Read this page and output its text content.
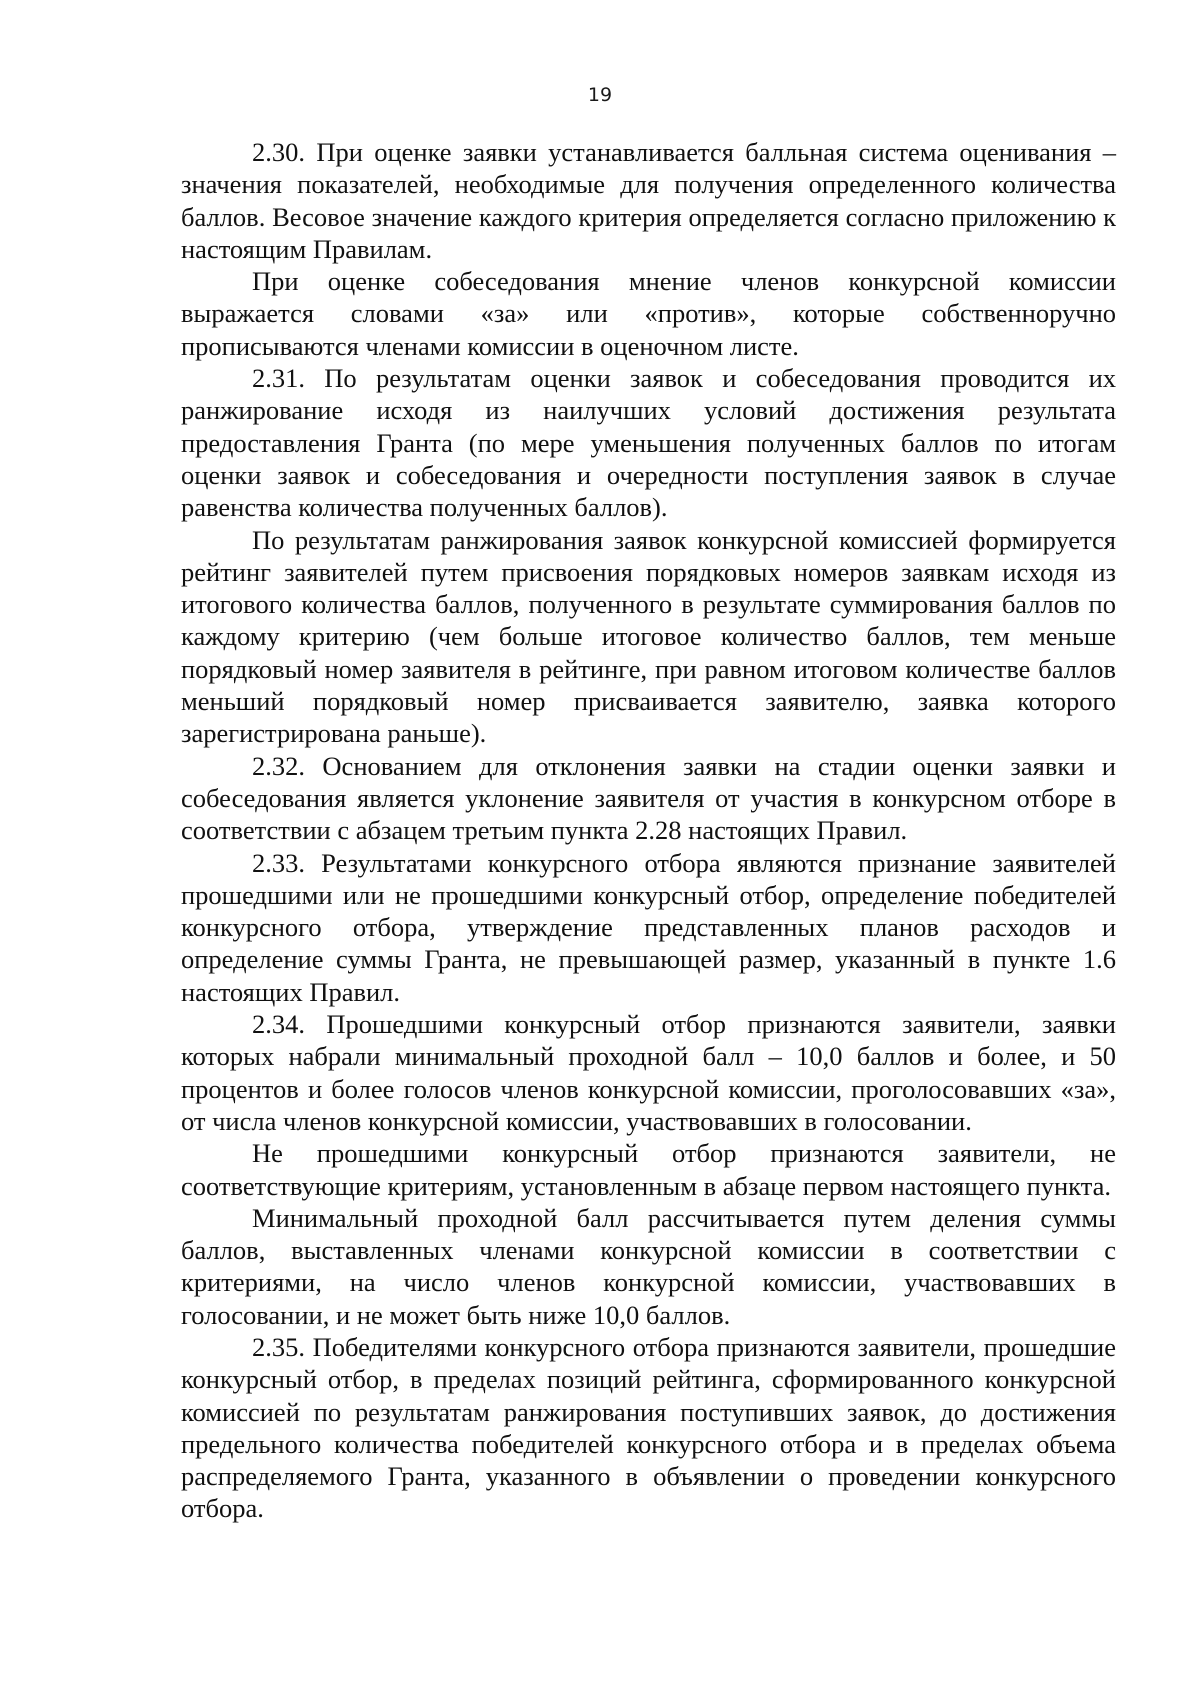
19

2.30. При оценке заявки устанавливается балльная система оценивания – значения показателей, необходимые для получения определенного количества баллов. Весовое значение каждого критерия определяется согласно приложению к настоящим Правилам.

При оценке собеседования мнение членов конкурсной комиссии выражается словами «за» или «против», которые собственноручно прописываются членами комиссии в оценочном листе.

2.31. По результатам оценки заявок и собеседования проводится их ранжирование исходя из наилучших условий достижения результата предоставления Гранта (по мере уменьшения полученных баллов по итогам оценки заявок и собеседования и очередности поступления заявок в случае равенства количества полученных баллов).

По результатам ранжирования заявок конкурсной комиссией формируется рейтинг заявителей путем присвоения порядковых номеров заявкам исходя из итогового количества баллов, полученного в результате суммирования баллов по каждому критерию (чем больше итоговое количество баллов, тем меньше порядковый номер заявителя в рейтинге, при равном итоговом количестве баллов меньший порядковый номер присваивается заявителю, заявка которого зарегистрирована раньше).

2.32. Основанием для отклонения заявки на стадии оценки заявки и собеседования является уклонение заявителя от участия в конкурсном отборе в соответствии с абзацем третьим пункта 2.28 настоящих Правил.

2.33. Результатами конкурсного отбора являются признание заявителей прошедшими или не прошедшими конкурсный отбор, определение победителей конкурсного отбора, утверждение представленных планов расходов и определение суммы Гранта, не превышающей размер, указанный в пункте 1.6 настоящих Правил.

2.34. Прошедшими конкурсный отбор признаются заявители, заявки которых набрали минимальный проходной балл – 10,0 баллов и более, и 50 процентов и более голосов членов конкурсной комиссии, проголосовавших «за», от числа членов конкурсной комиссии, участвовавших в голосовании.

Не прошедшими конкурсный отбор признаются заявители, не соответствующие критериям, установленным в абзаце первом настоящего пункта.

Минимальный проходной балл рассчитывается путем деления суммы баллов, выставленных членами конкурсной комиссии в соответствии с критериями, на число членов конкурсной комиссии, участвовавших в голосовании, и не может быть ниже 10,0 баллов.

2.35. Победителями конкурсного отбора признаются заявители, прошедшие конкурсный отбор, в пределах позиций рейтинга, сформированного конкурсной комиссией по результатам ранжирования поступивших заявок, до достижения предельного количества победителей конкурсного отбора и в пределах объема распределяемого Гранта, указанного в объявлении о проведении конкурсного отбора.
